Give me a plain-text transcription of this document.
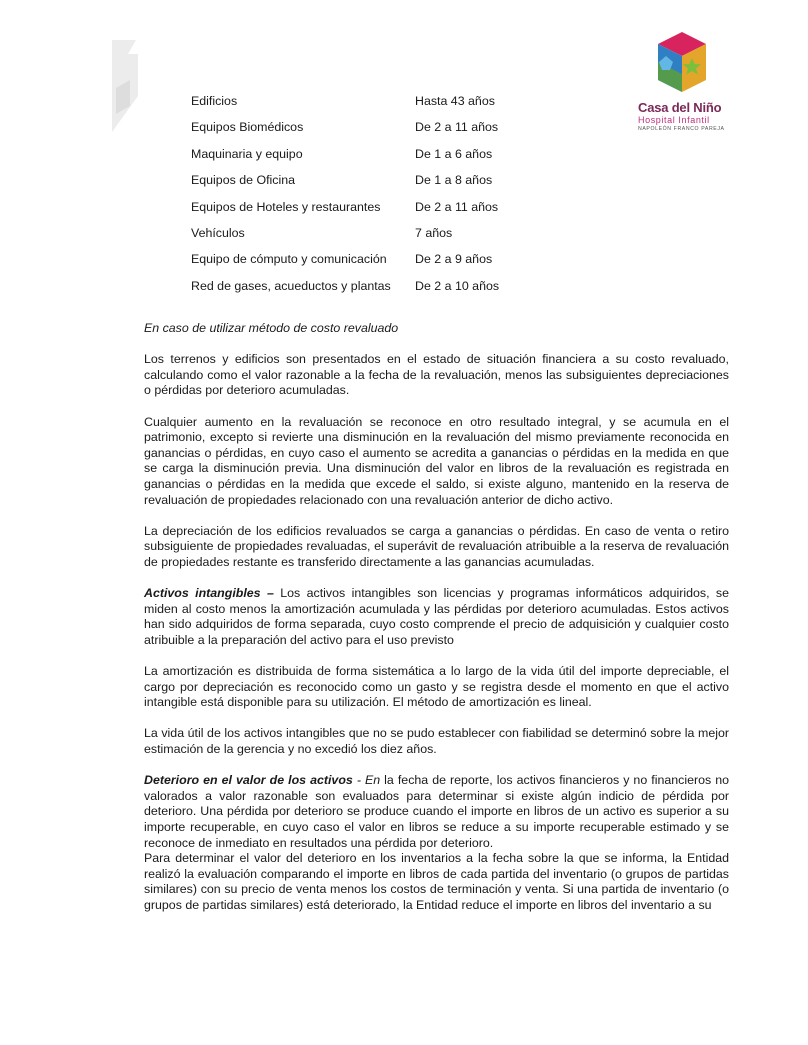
Casa del Niño
Hospital Infantil
NAPOLEÓN FRANCO PAREJA
Edificios	Hasta 43 años
Equipos Biomédicos	De 2 a 11 años
Maquinaria y equipo	De 1 a 6 años
Equipos de Oficina	De 1 a 8 años
Equipos de Hoteles y restaurantes	De 2 a 11 años
Vehículos	7 años
Equipo de cómputo y comunicación	De 2 a 9 años
Red de gases, acueductos y plantas	De 2 a 10 años
En caso de utilizar método de costo revaluado

Los terrenos y edificios son presentados en el estado de situación financiera a su costo revaluado, calculando como el valor razonable a la fecha de la revaluación, menos las subsiguientes depreciaciones o pérdidas por deterioro acumuladas.

Cualquier aumento en la revaluación se reconoce en otro resultado integral, y se acumula en el patrimonio, excepto si revierte una disminución en la revaluación del mismo previamente reconocida en ganancias o pérdidas, en cuyo caso el aumento se acredita a ganancias o pérdidas en la medida en que se carga la disminución previa. Una disminución del valor en libros de la revaluación es registrada en ganancias o pérdidas en la medida que excede el saldo, si existe alguno, mantenido en la reserva de revaluación de propiedades relacionado con una revaluación anterior de dicho activo.

La depreciación de los edificios revaluados se carga a ganancias o pérdidas. En caso de venta o retiro subsiguiente de propiedades revaluadas, el superávit de revaluación atribuible a la reserva de revaluación de propiedades restante es transferido directamente a las ganancias acumuladas.

Activos intangibles – Los activos intangibles son licencias y programas informáticos adquiridos, se miden al costo menos la amortización acumulada y las pérdidas por deterioro acumuladas. Estos activos han sido adquiridos de forma separada, cuyo costo comprende el precio de adquisición y cualquier costo atribuible a la preparación del activo para el uso previsto

La amortización es distribuida de forma sistemática a lo largo de la vida útil del importe depreciable, el cargo por depreciación es reconocido como un gasto y se registra desde el momento en que el activo intangible está disponible para su utilización. El método de amortización es lineal.

La vida útil de los activos intangibles que no se pudo establecer con fiabilidad se determinó sobre la mejor estimación de la gerencia y no excedió los diez años.

Deterioro en el valor de los activos - En la fecha de reporte, los activos financieros y no financieros no valorados a valor razonable son evaluados para determinar si existe algún indicio de pérdida por deterioro. Una pérdida por deterioro se produce cuando el importe en libros de un activo es superior a su importe recuperable, en cuyo caso el valor en libros se reduce a su importe recuperable estimado y se reconoce de inmediato en resultados una pérdida por deterioro.

Para determinar el valor del deterioro en los inventarios a la fecha sobre la que se informa, la Entidad realizó la evaluación comparando el importe en libros de cada partida del inventario (o grupos de partidas similares) con su precio de venta menos los costos de terminación y venta. Si una partida de inventario (o grupos de partidas similares) está deteriorado, la Entidad reduce el importe en libros del inventario a su
